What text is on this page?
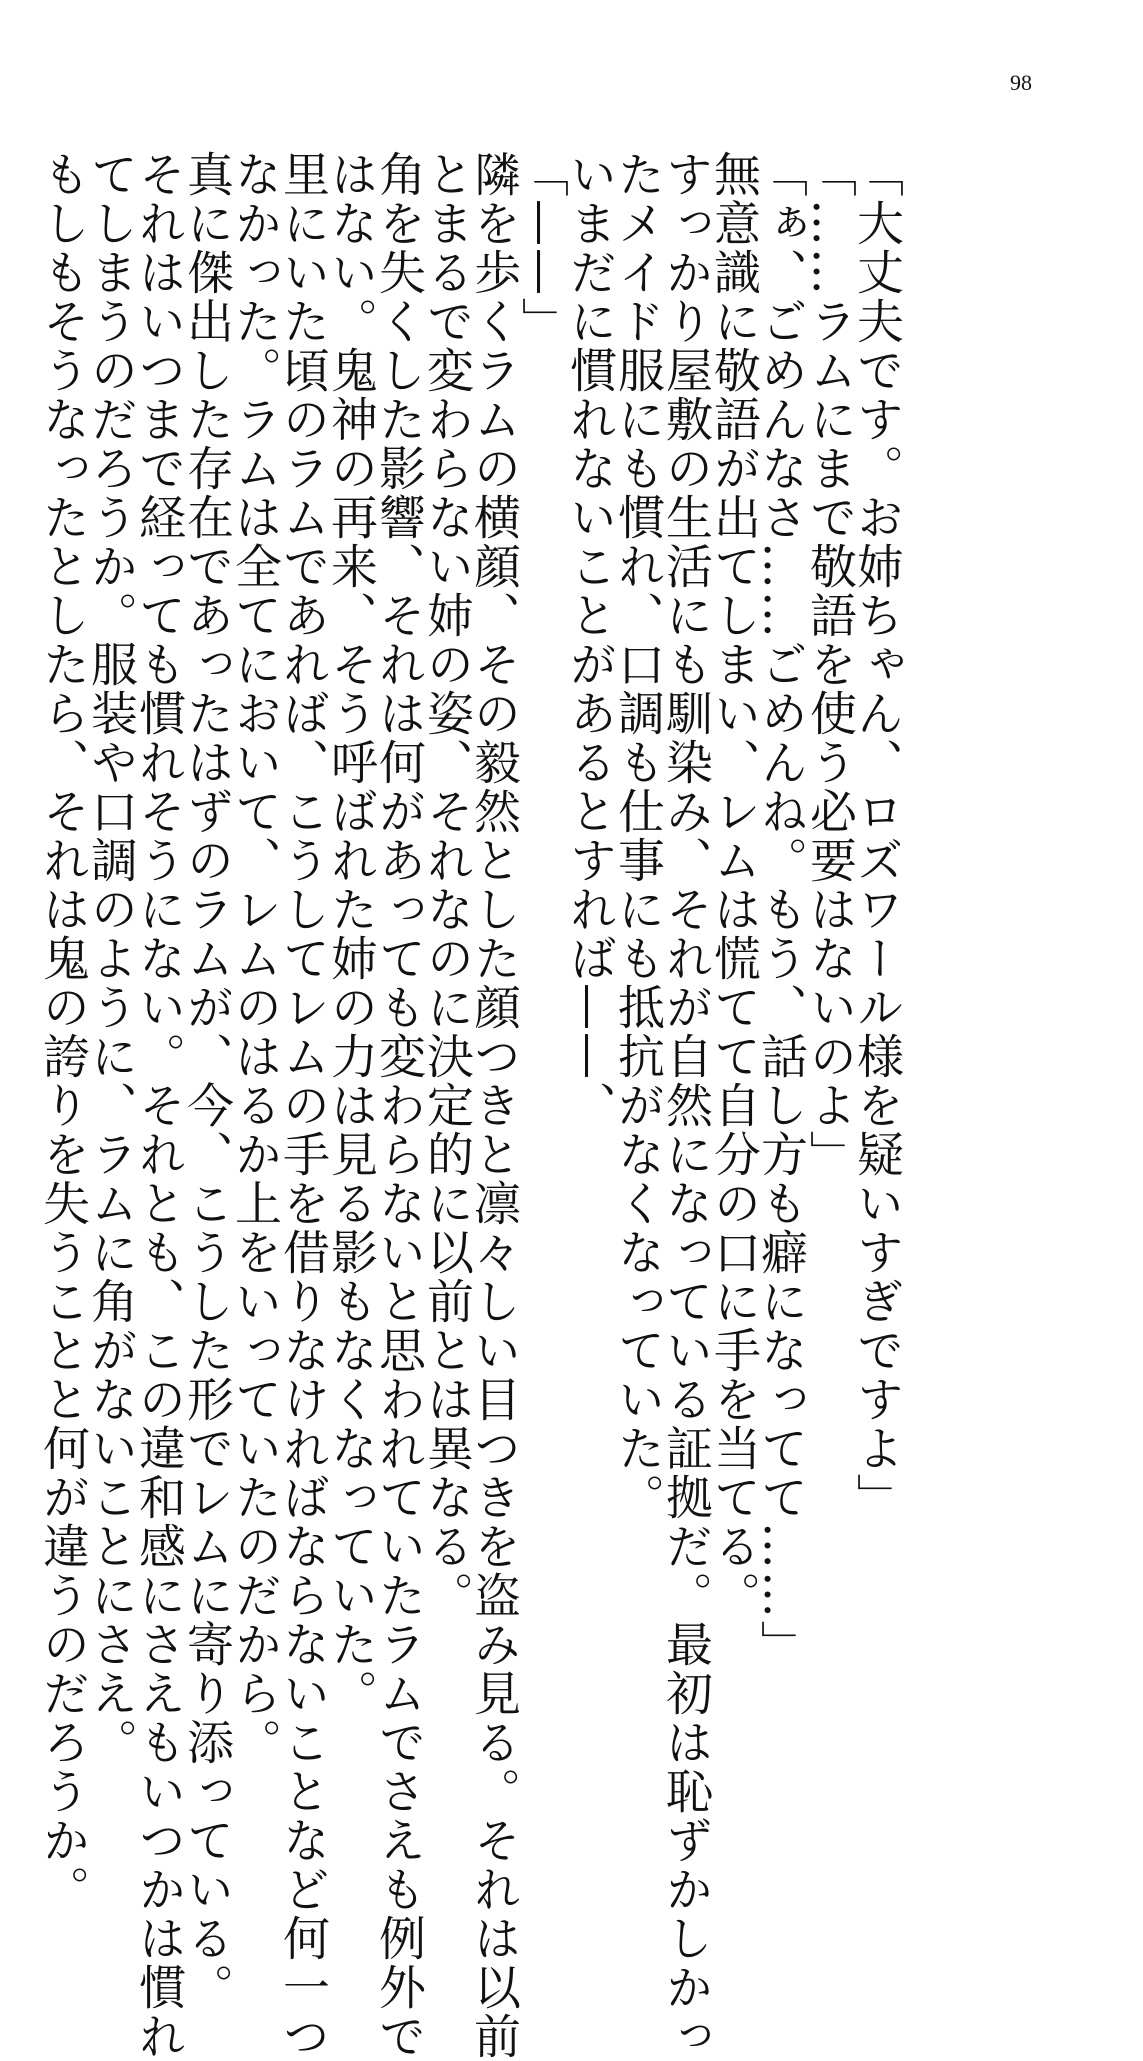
98
「大丈夫です。お姉ちゃん、ロズワール様を疑いすぎですよ」
「……ラムにまで敬語を使う必要はないのよ」
「ぁ、ごめんなさ……ごめんね。もう、話し方も癖になってて……」
無意識に敬語が出てしまい、レムは慌てて自分の口に手を当てる。
すっかり屋敷の生活にも馴染み、それが自然になっている証拠だ。最初は恥ずかしかっ
たメイド服にも慣れ、口調も仕事にも抵抗がなくなっていた。
いまだに慣れないことがあるとすれば——、
「——」
隣を歩くラムの横顔、その毅然とした顔つきと凛々しい目つきを盗み見る。それは以前
とまるで変わらない姉の姿、それなのに決定的に以前とは異なる。
角を失くした影響、それは何があっても変わらないと思われていたラムでさえも例外で
はない。鬼神の再来、そう呼ばれた姉の力は見る影もなくなっていた。
里にいた頃のラムであれば、こうしてレムの手を借りなければならないことなど何一つ
なかった。ラムは全てにおいて、レムのはるか上をいっていたのだから。
真に傑出した存在であったはずのラムが、今、こうした形でレムに寄り添っている。
それはいつまで経っても慣れそうにない。それとも、この違和感にさえもいつかは慣れ
てしまうのだろうか。服装や口調のように、ラムに角がないことにさえ。
もしもそうなったとしたら、それは鬼の誇りを失うことと何が違うのだろうか。
